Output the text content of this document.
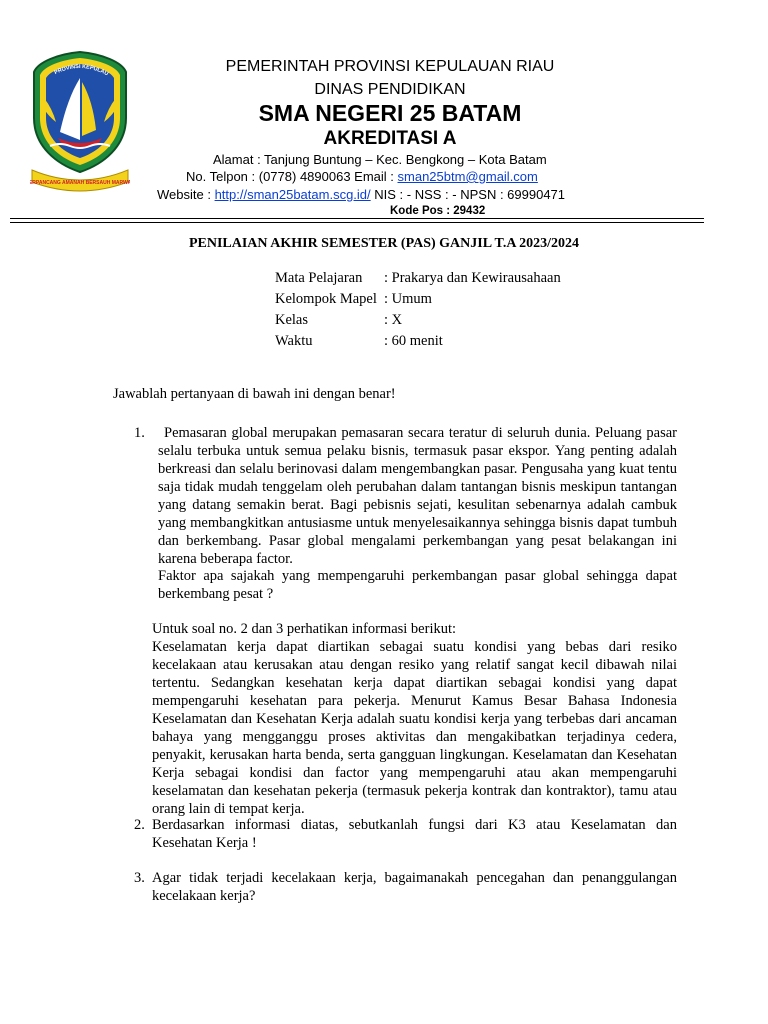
PROVINSI KEPULAU
BERPANCANG AMANAH BERSAUH MARWAH
PEMERINTAH PROVINSI KEPULAUAN RIAU
DINAS PENDIDIKAN
SMA NEGERI 25 BATAM
AKREDITASI A
Alamat : Tanjung Buntung – Kec. Bengkong – Kota Batam
No. Telpon : (0778) 4890063 Email : sman25btm@gmail.com
Website : http://sman25batam.scg.id/ NIS : - NSS : - NPSN : 69990471
Kode Pos : 29432
PENILAIAN AKHIR SEMESTER (PAS) GANJIL T.A 2023/2024
Mata Pelajaran	: Prakarya dan Kewirausahaan
Kelompok Mapel : Umum
Kelas	: X
Waktu	: 60 menit
Jawablah pertanyaan di bawah ini dengan benar!
1.	Pemasaran global merupakan pemasaran secara teratur di seluruh dunia. Peluang pasar selalu terbuka untuk semua pelaku bisnis, termasuk pasar ekspor. Yang penting adalah berkreasi dan selalu berinovasi dalam mengembangkan pasar. Pengusaha yang kuat tentu saja tidak mudah tenggelam oleh perubahan dalam tantangan bisnis meskipun tantangan yang datang semakin berat. Bagi pebisnis sejati, kesulitan sebenarnya adalah cambuk yang membangkitkan antusiasme untuk menyelesaikannya sehingga bisnis dapat tumbuh dan berkembang. Pasar global mengalami perkembangan yang pesat belakangan ini karena beberapa factor.
Faktor apa sajakah yang mempengaruhi perkembangan pasar global sehingga dapat berkembang pesat ?
Untuk soal no. 2 dan 3 perhatikan informasi berikut:
Keselamatan kerja dapat diartikan sebagai suatu kondisi yang bebas dari resiko kecelakaan atau kerusakan atau dengan resiko yang relatif sangat kecil dibawah nilai tertentu. Sedangkan kesehatan kerja dapat diartikan sebagai kondisi yang dapat mempengaruhi kesehatan para pekerja. Menurut Kamus Besar Bahasa Indonesia Keselamatan dan Kesehatan Kerja adalah suatu kondisi kerja yang terbebas dari ancaman bahaya yang mengganggu proses aktivitas dan mengakibatkan terjadinya cedera, penyakit, kerusakan harta benda, serta gangguan lingkungan. Keselamatan dan Kesehatan Kerja sebagai kondisi dan factor yang mempengaruhi atau akan mempengaruhi keselamatan dan kesehatan pekerja (termasuk pekerja kontrak dan kontraktor), tamu atau orang lain di tempat kerja.
2. Berdasarkan informasi diatas, sebutkanlah fungsi dari K3 atau Keselamatan dan Kesehatan Kerja !
3. Agar tidak terjadi kecelakaan kerja, bagaimanakah pencegahan dan penanggulangan kecelakaan kerja?
